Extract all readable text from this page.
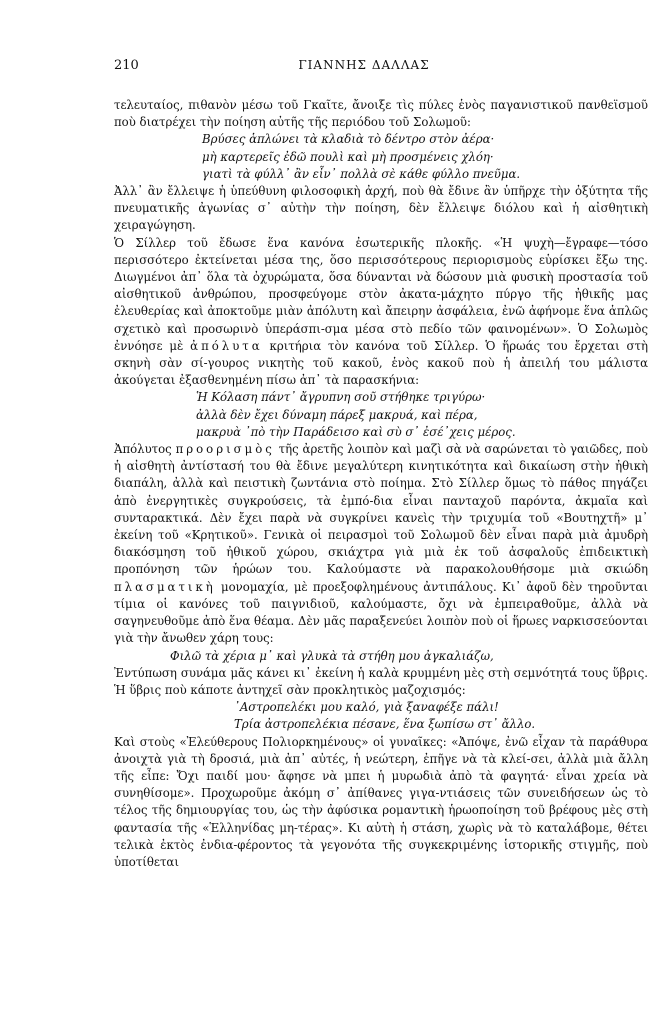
210	ΓΙΑΝΝΗΣ ΔΑΛΛΑΣ

τελευταίος, πιθανὸν μέσω τοῦ Γκαῖτε, ἄνοιξε τὶς πύλες ἑνὸς παγανιστικοῦ πανθεϊσμοῦ ποὺ διατρέχει τὴν ποίηση αὐτῆς τῆς περιόδου τοῦ Σολωμοῦ:

Βρύσες ἁπλώνει τὰ κλαδιὰ τὸ δέντρο στὸν ἀέρα·
μὴ καρτερεῖς ἐδῶ πουλὶ καὶ μὴ προσμένεις χλόη·
γιατὶ τὰ φύλλ᾽ ἂν εἶν᾽ πολλὰ σὲ κάθε φύλλο πνεῦμα.

Ἀλλ᾽ ἂν ἔλλειψε ἡ ὑπεύθυνη φιλοσοφικὴ ἀρχή, ποὺ θὰ ἔδινε ἂν ὑπῆρχε τὴν ὀξύτητα τῆς πνευματικῆς ἀγωνίας σ᾽ αὐτὴν τὴν ποίηση, δὲν ἔλλειψε διόλου καὶ ἡ αἰσθητικὴ χειραγώγηση.

Ὁ Σίλλερ τοῦ ἔδωσε ἕνα κανόνα ἐσωτερικῆς πλοκῆς. «Ἡ ψυχὴ—ἔγραφε—τόσο περισσότερο ἐκτείνεται μέσα της, ὅσο περισσότερους περιορισμοὺς εὑρίσκει ἔξω της. Διωγμένοι ἀπ᾽ ὅλα τὰ ὀχυρώματα, ὅσα δύνανται νὰ δώσουν μιὰ φυσικὴ προστασία τοῦ αἰσθητικοῦ ἀνθρώπου, προσφεύγομε στὸν ἀκατα-μάχητο πύργο τῆς ἠθικῆς μας ἐλευθερίας καὶ ἀποκτοῦμε μιὰν ἀπόλυτη καὶ ἄπειρην ἀσφάλεια, ἐνῶ ἀφήνομε ἕνα ἁπλῶς σχετικὸ καὶ προσωρινὸ ὑπεράσπι-σμα μέσα στὸ πεδίο τῶν φαινομένων». Ὁ Σολωμὸς ἐννόησε μὲ ἀπόλυτα κριτήρια τὸν κανόνα τοῦ Σίλλερ. Ὁ ἥρωάς του ἔρχεται στὴ σκηνὴ σὰν σί-γουρος νικητὴς τοῦ κακοῦ, ἑνὸς κακοῦ ποὺ ἡ ἀπειλή του μάλιστα ἀκούγεται ἐξασθενημένη πίσω ἀπ᾽ τὰ παρασκήνια:

Ἡ Κόλαση πάντ᾽ ἄγρυπνη σοῦ στήθηκε τριγύρω·
ἀλλὰ δὲν ἔχει δύναμη πάρεξ μακρυά, καὶ πέρα,
μακρυὰ ᾽πὸ τὴν Παράδεισο καὶ σὺ σ᾽ ἐσέ᾽χεις μέρος.

Ἀπόλυτος προορισμὸς τῆς ἀρετῆς λοιπὸν καὶ μαζὶ σὰ νὰ σαρώνεται τὸ γαιῶδες, ποὺ ἡ αἰσθητὴ ἀντίστασή του θὰ ἔδινε μεγαλύτερη κινητικότητα καὶ δικαίωση στὴν ἠθικὴ διαπάλη, ἀλλὰ καὶ πειστικὴ ζωντάνια στὸ ποίημα. Στὸ Σίλλερ ὅμως τὸ πάθος πηγάζει ἀπὸ ἐνεργητικὲς συγκρούσεις, τὰ ἐμπό-δια εἶναι πανταχοῦ παρόντα, ἀκμαῖα καὶ συνταρακτικά. Δὲν ἔχει παρὰ νὰ συγκρίνει κανεὶς τὴν τριχυμία τοῦ «Βουτηχτῆ» μ᾽ ἐκείνη τοῦ «Κρητικοῦ». Γενικὰ οἱ πειρασμοὶ τοῦ Σολωμοῦ δὲν εἶναι παρὰ μιὰ ἀμυδρὴ διακόσμηση τοῦ ἠθικοῦ χώρου, σκιάχτρα γιὰ μιὰ ἐκ τοῦ ἀσφαλοῦς ἐπιδεικτικὴ προπόνηση τῶν ἡρώων του. Καλούμαστε νὰ παρακολουθήσομε μιὰ σκιώδη πλασματικὴ μονομαχία, μὲ προεξοφλημένους ἀντιπάλους. Κι᾽ ἀφοῦ δὲν τηροῦνται τίμια οἱ κανόνες τοῦ παιγνιδιοῦ, καλούμαστε, ὄχι νὰ ἐμπειραθοῦμε, ἀλλὰ νὰ σαγηνευθοῦμε ἀπὸ ἕνα θέαμα. Δὲν μᾶς παραξενεύει λοιπὸν ποὺ οἱ ἥρωες ναρκισσεύονται γιὰ τὴν ἄνωθεν χάρη τους:

Φιλῶ τὰ χέρια μ᾽ καὶ γλυκὰ τὰ στήθη μου ἀγκαλιάζω,

Ἐντύπωση συνάμα μᾶς κάνει κι᾽ ἐκείνη ἡ καλὰ κρυμμένη μὲς στὴ σεμνότητά τους ὕβρις. Ἡ ὕβρις ποὺ κάποτε ἀντηχεῖ σὰν προκλητικὸς μαζοχισμός:

᾽Αστροπελέκι μου καλό, γιὰ ξαναφέξε πάλι!
Τρία ἀστροπελέκια πέσανε, ἕνα ξωπίσω στ᾽ ἄλλο.

Καὶ στοὺς «Ἐλεύθερους Πολιορκημένους» οἱ γυναῖκες: «Ἀπόψε, ἐνῶ εἶχαν τὰ παράθυρα ἀνοιχτὰ γιὰ τὴ δροσιά, μιὰ ἀπ᾽ αὐτές, ἡ νεώτερη, ἐπῆγε νὰ τὰ κλεί-σει, ἀλλὰ μιὰ ἄλλη τῆς εἶπε: Ὄχι παιδί μου· ἄφησε νὰ μπει ἡ μυρωδιὰ ἀπὸ τὰ φαγητά· εἶναι χρεία νὰ συνηθίσομε». Προχωροῦμε ἀκόμη σ᾽ ἀπίθανες γιγα-ντιάσεις τῶν συνειδήσεων ὡς τὸ τέλος τῆς δημιουργίας του, ὡς τὴν ἀφύσικα ρομαντικὴ ἡρωοποίηση τοῦ βρέφους μὲς στὴ φαντασία τῆς «Ἑλληνίδας μη-τέρας». Κι αὐτὴ ἡ στάση, χωρὶς νὰ τὸ καταλάβομε, θέτει τελικὰ ἐκτὸς ἐνδια-φέροντος τὰ γεγονότα τῆς συγκεκριμένης ἱστορικῆς στιγμῆς, ποὺ ὑποτίθεται
